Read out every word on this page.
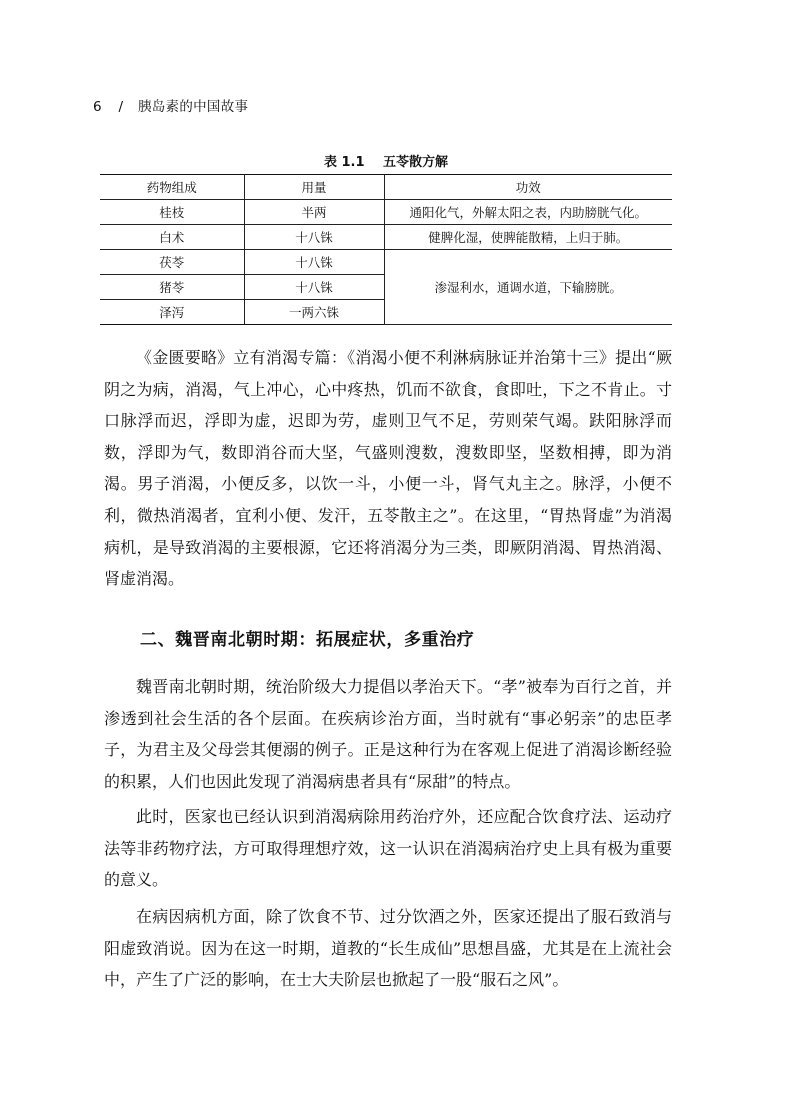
6 / 胰岛素的中国故事
表 1.1 五苓散方解
药物组成	用量	功效
桂枝	半两	通阳化气，外解太阳之表，内助膀胱气化。
白术	十八铢	健脾化湿，使脾能散精，上归于肺。
茯苓	十八铢	渗湿利水，通调水道，下输膀胱。
猪苓	十八铢	
泽泻	一两六铢	

《金匮要略》立有消渴专篇：《消渴小便不利淋病脉证并治第十三》提出“厥阴之为病，消渴，气上冲心，心中疼热，饥而不欲食，食即吐，下之不肯止。寸口脉浮而迟，浮即为虚，迟即为劳，虚则卫气不足，劳则荣气竭。趺阳脉浮而数，浮即为气，数即消谷而大坚，气盛则溲数，溲数即坚，坚数相搏，即为消渴。男子消渴，小便反多，以饮一斗，小便一斗，肾气丸主之。脉浮，小便不利，微热消渴者，宜利小便、发汗，五苓散主之”。在这里，“胃热肾虚”为消渴病机，是导致消渴的主要根源，它还将消渴分为三类，即厥阴消渴、胃热消渴、肾虚消渴。

二、魏晋南北朝时期：拓展症状，多重治疗

魏晋南北朝时期，统治阶级大力提倡以孝治天下。“孝”被奉为百行之首，并渗透到社会生活的各个层面。在疾病诊治方面，当时就有“事必躬亲”的忠臣孝子，为君主及父母尝其便溺的例子。正是这种行为在客观上促进了消渴诊断经验的积累，人们也因此发现了消渴病患者具有“尿甜”的特点。

此时，医家也已经认识到消渴病除用药治疗外，还应配合饮食疗法、运动疗法等非药物疗法，方可取得理想疗效，这一认识在消渴病治疗史上具有极为重要的意义。

在病因病机方面，除了饮食不节、过分饮酒之外，医家还提出了服石致消与阳虚致消说。因为在这一时期，道教的“长生成仙”思想昌盛，尤其是在上流社会中，产生了广泛的影响，在士大夫阶层也掀起了一股“服石之风”。
